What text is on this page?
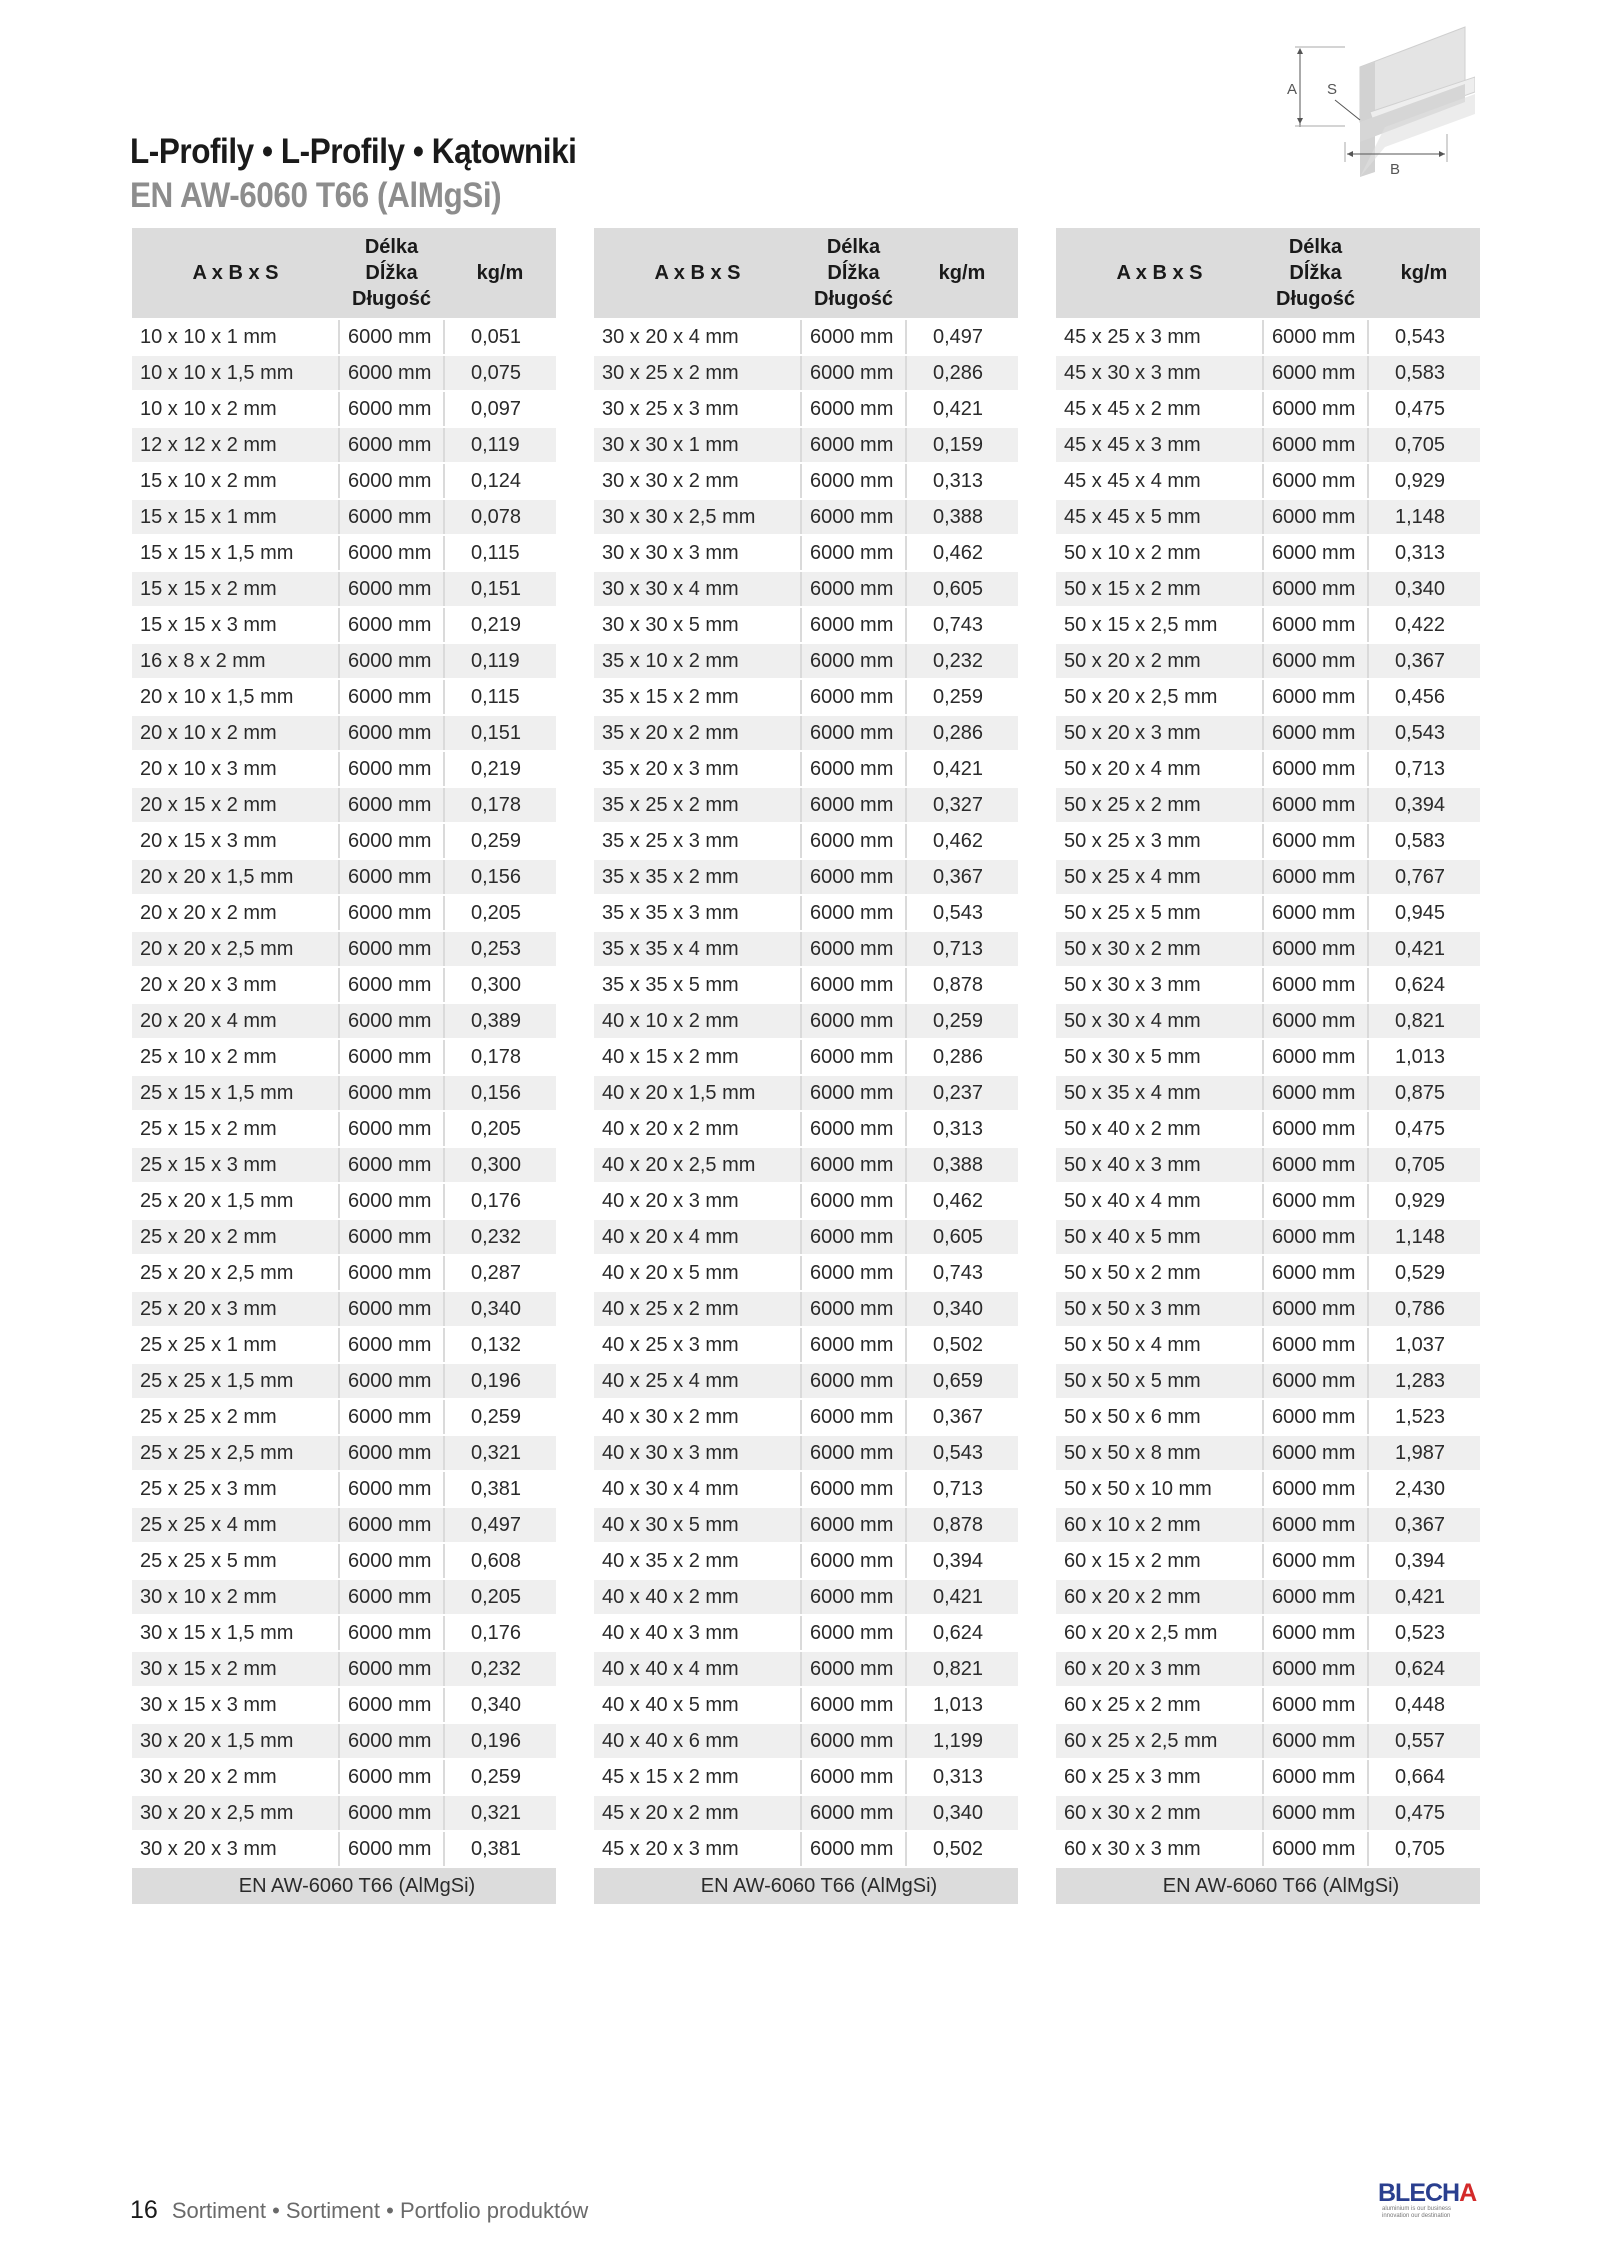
L-Profily • L-Profily • Kątowniki
EN AW-6060 T66 (AlMgSi)
A S
B
A x B x S	Délka
Dĺžka
Długość	kg/m
10 x 10 x 1 mm	6000 mm	0,051
10 x 10 x 1,5 mm	6000 mm	0,075
10 x 10 x 2 mm	6000 mm	0,097
12 x 12 x 2 mm	6000 mm	0,119
15 x 10 x 2 mm	6000 mm	0,124
15 x 15 x 1 mm	6000 mm	0,078
15 x 15 x 1,5 mm	6000 mm	0,115
15 x 15 x 2 mm	6000 mm	0,151
15 x 15 x 3 mm	6000 mm	0,219
16 x 8 x 2 mm	6000 mm	0,119
20 x 10 x 1,5 mm	6000 mm	0,115
20 x 10 x 2 mm	6000 mm	0,151
20 x 10 x 3 mm	6000 mm	0,219
20 x 15 x 2 mm	6000 mm	0,178
20 x 15 x 3 mm	6000 mm	0,259
20 x 20 x 1,5 mm	6000 mm	0,156
20 x 20 x 2 mm	6000 mm	0,205
20 x 20 x 2,5 mm	6000 mm	0,253
20 x 20 x 3 mm	6000 mm	0,300
20 x 20 x 4 mm	6000 mm	0,389
25 x 10 x 2 mm	6000 mm	0,178
25 x 15 x 1,5 mm	6000 mm	0,156
25 x 15 x 2 mm	6000 mm	0,205
25 x 15 x 3 mm	6000 mm	0,300
25 x 20 x 1,5 mm	6000 mm	0,176
25 x 20 x 2 mm	6000 mm	0,232
25 x 20 x 2,5 mm	6000 mm	0,287
25 x 20 x 3 mm	6000 mm	0,340
25 x 25 x 1 mm	6000 mm	0,132
25 x 25 x 1,5 mm	6000 mm	0,196
25 x 25 x 2 mm	6000 mm	0,259
25 x 25 x 2,5 mm	6000 mm	0,321
25 x 25 x 3 mm	6000 mm	0,381
25 x 25 x 4 mm	6000 mm	0,497
25 x 25 x 5 mm	6000 mm	0,608
30 x 10 x 2 mm	6000 mm	0,205
30 x 15 x 1,5 mm	6000 mm	0,176
30 x 15 x 2 mm	6000 mm	0,232
30 x 15 x 3 mm	6000 mm	0,340
30 x 20 x 1,5 mm	6000 mm	0,196
30 x 20 x 2 mm	6000 mm	0,259
30 x 20 x 2,5 mm	6000 mm	0,321
30 x 20 x 3 mm	6000 mm	0,381
EN AW-6060 T66 (AlMgSi)		
A x B x S	Délka
Dĺžka
Długość	kg/m
30 x 20 x 4 mm	6000 mm	0,497
30 x 25 x 2 mm	6000 mm	0,286
30 x 25 x 3 mm	6000 mm	0,421
30 x 30 x 1 mm	6000 mm	0,159
30 x 30 x 2 mm	6000 mm	0,313
30 x 30 x 2,5 mm	6000 mm	0,388
30 x 30 x 3 mm	6000 mm	0,462
30 x 30 x 4 mm	6000 mm	0,605
30 x 30 x 5 mm	6000 mm	0,743
35 x 10 x 2 mm	6000 mm	0,232
35 x 15 x 2 mm	6000 mm	0,259
35 x 20 x 2 mm	6000 mm	0,286
35 x 20 x 3 mm	6000 mm	0,421
35 x 25 x 2 mm	6000 mm	0,327
35 x 25 x 3 mm	6000 mm	0,462
35 x 35 x 2 mm	6000 mm	0,367
35 x 35 x 3 mm	6000 mm	0,543
35 x 35 x 4 mm	6000 mm	0,713
35 x 35 x 5 mm	6000 mm	0,878
40 x 10 x 2 mm	6000 mm	0,259
40 x 15 x 2 mm	6000 mm	0,286
40 x 20 x 1,5 mm	6000 mm	0,237
40 x 20 x 2 mm	6000 mm	0,313
40 x 20 x 2,5 mm	6000 mm	0,388
40 x 20 x 3 mm	6000 mm	0,462
40 x 20 x 4 mm	6000 mm	0,605
40 x 20 x 5 mm	6000 mm	0,743
40 x 25 x 2 mm	6000 mm	0,340
40 x 25 x 3 mm	6000 mm	0,502
40 x 25 x 4 mm	6000 mm	0,659
40 x 30 x 2 mm	6000 mm	0,367
40 x 30 x 3 mm	6000 mm	0,543
40 x 30 x 4 mm	6000 mm	0,713
40 x 30 x 5 mm	6000 mm	0,878
40 x 35 x 2 mm	6000 mm	0,394
40 x 40 x 2 mm	6000 mm	0,421
40 x 40 x 3 mm	6000 mm	0,624
40 x 40 x 4 mm	6000 mm	0,821
40 x 40 x 5 mm	6000 mm	1,013
40 x 40 x 6 mm	6000 mm	1,199
45 x 15 x 2 mm	6000 mm	0,313
45 x 20 x 2 mm	6000 mm	0,340
45 x 20 x 3 mm	6000 mm	0,502
EN AW-6060 T66 (AlMgSi)		
A x B x S	Délka
Dĺžka
Długość	kg/m
45 x 25 x 3 mm	6000 mm	0,543
45 x 30 x 3 mm	6000 mm	0,583
45 x 45 x 2 mm	6000 mm	0,475
45 x 45 x 3 mm	6000 mm	0,705
45 x 45 x 4 mm	6000 mm	0,929
45 x 45 x 5 mm	6000 mm	1,148
50 x 10 x 2 mm	6000 mm	0,313
50 x 15 x 2 mm	6000 mm	0,340
50 x 15 x 2,5 mm	6000 mm	0,422
50 x 20 x 2 mm	6000 mm	0,367
50 x 20 x 2,5 mm	6000 mm	0,456
50 x 20 x 3 mm	6000 mm	0,543
50 x 20 x 4 mm	6000 mm	0,713
50 x 25 x 2 mm	6000 mm	0,394
50 x 25 x 3 mm	6000 mm	0,583
50 x 25 x 4 mm	6000 mm	0,767
50 x 25 x 5 mm	6000 mm	0,945
50 x 30 x 2 mm	6000 mm	0,421
50 x 30 x 3 mm	6000 mm	0,624
50 x 30 x 4 mm	6000 mm	0,821
50 x 30 x 5 mm	6000 mm	1,013
50 x 35 x 4 mm	6000 mm	0,875
50 x 40 x 2 mm	6000 mm	0,475
50 x 40 x 3 mm	6000 mm	0,705
50 x 40 x 4 mm	6000 mm	0,929
50 x 40 x 5 mm	6000 mm	1,148
50 x 50 x 2 mm	6000 mm	0,529
50 x 50 x 3 mm	6000 mm	0,786
50 x 50 x 4 mm	6000 mm	1,037
50 x 50 x 5 mm	6000 mm	1,283
50 x 50 x 6 mm	6000 mm	1,523
50 x 50 x 8 mm	6000 mm	1,987
50 x 50 x 10 mm	6000 mm	2,430
60 x 10 x 2 mm	6000 mm	0,367
60 x 15 x 2 mm	6000 mm	0,394
60 x 20 x 2 mm	6000 mm	0,421
60 x 20 x 2,5 mm	6000 mm	0,523
60 x 20 x 3 mm	6000 mm	0,624
60 x 25 x 2 mm	6000 mm	0,448
60 x 25 x 2,5 mm	6000 mm	0,557
60 x 25 x 3 mm	6000 mm	0,664
60 x 30 x 2 mm	6000 mm	0,475
60 x 30 x 3 mm	6000 mm	0,705
EN AW-6060 T66 (AlMgSi)		
16 Sortiment • Sortiment • Portfolio produktów
BLECHA
aluminium is our business
innovation our destination
